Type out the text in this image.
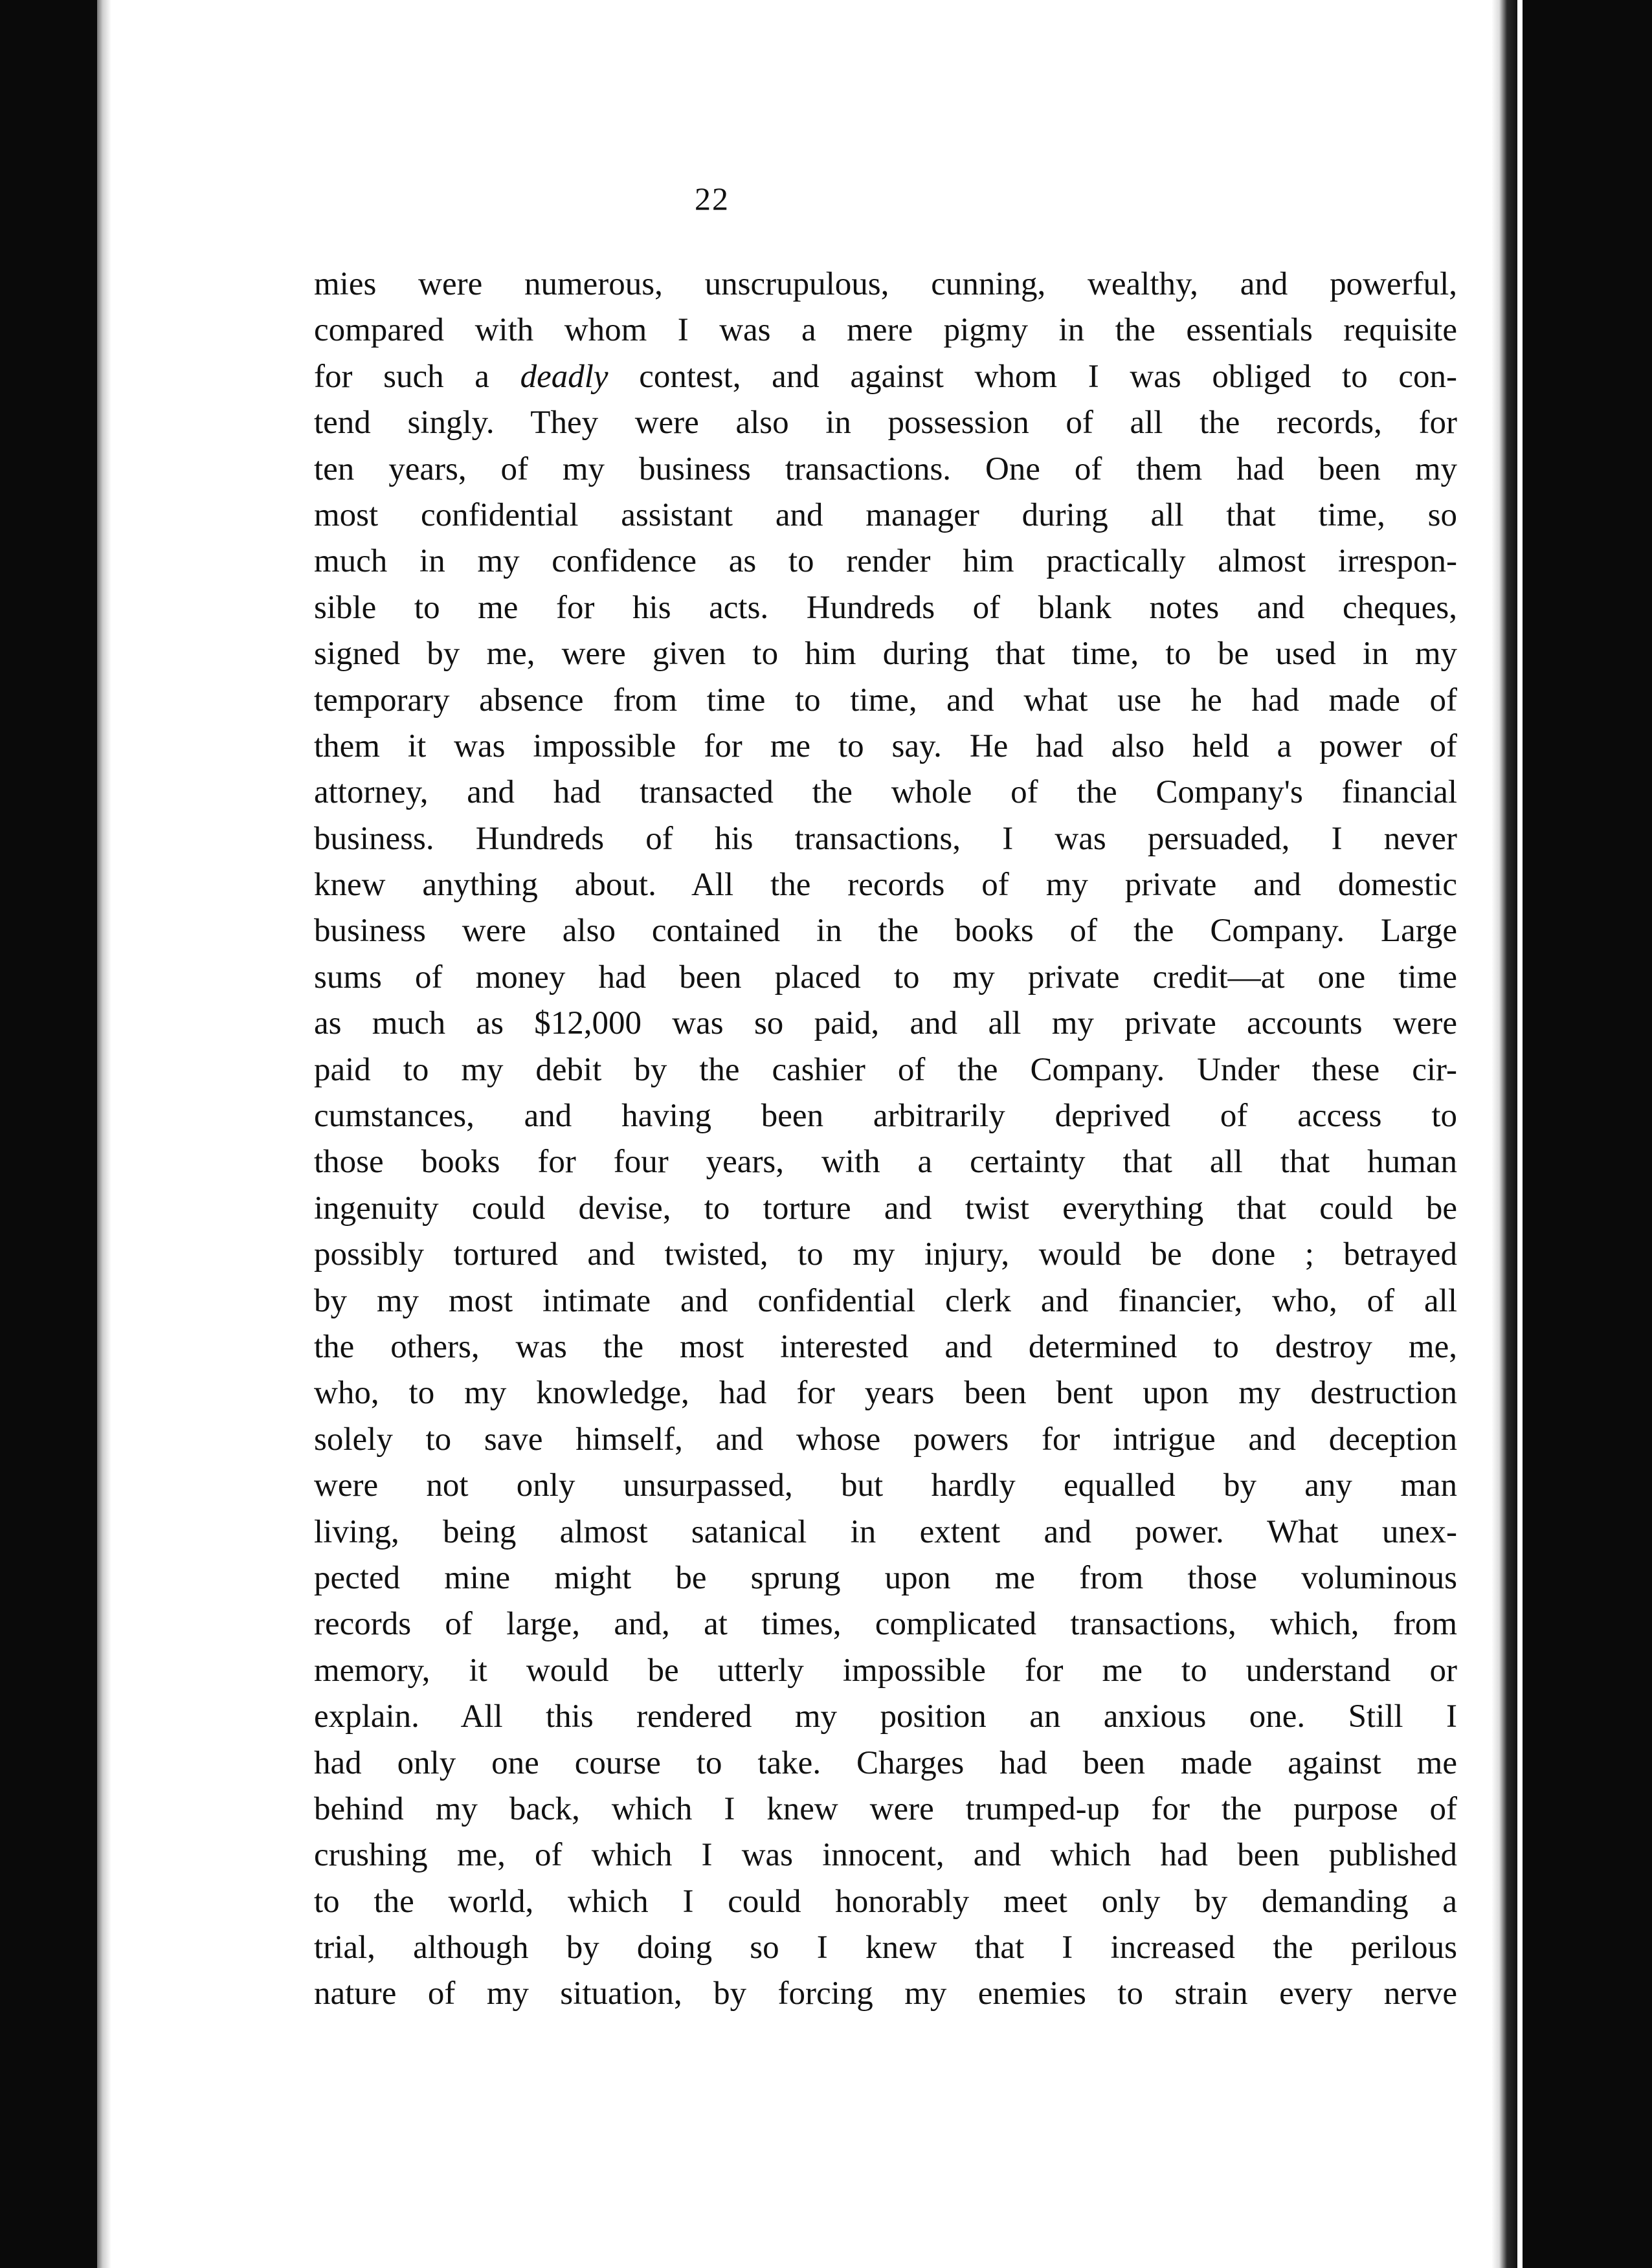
22
mies were numerous, unscrupulous, cunning, wealthy, and powerful,
compared with whom I was a mere pigmy in the essentials requisite
for such a deadly contest, and against whom I was obliged to con-
tend singly. They were also in possession of all the records, for
ten years, of my business transactions. One of them had been my
most confidential assistant and manager during all that time, so
much in my confidence as to render him practically almost irrespon-
sible to me for his acts. Hundreds of blank notes and cheques,
signed by me, were given to him during that time, to be used in my
temporary absence from time to time, and what use he had made of
them it was impossible for me to say. He had also held a power of
attorney, and had transacted the whole of the Company's financial
business. Hundreds of his transactions, I was persuaded, I never
knew anything about. All the records of my private and domestic
business were also contained in the books of the Company. Large
sums of money had been placed to my private credit—at one time
as much as $12,000 was so paid, and all my private accounts were
paid to my debit by the cashier of the Company. Under these cir-
cumstances, and having been arbitrarily deprived of access to
those books for four years, with a certainty that all that human
ingenuity could devise, to torture and twist everything that could be
possibly tortured and twisted, to my injury, would be done ; betrayed
by my most intimate and confidential clerk and financier, who, of all
the others, was the most interested and determined to destroy me,
who, to my knowledge, had for years been bent upon my destruction
solely to save himself, and whose powers for intrigue and deception
were not only unsurpassed, but hardly equalled by any man
living, being almost satanical in extent and power. What unex-
pected mine might be sprung upon me from those voluminous
records of large, and, at times, complicated transactions, which, from
memory, it would be utterly impossible for me to understand or
explain. All this rendered my position an anxious one. Still I
had only one course to take. Charges had been made against me
behind my back, which I knew were trumped-up for the purpose of
crushing me, of which I was innocent, and which had been published
to the world, which I could honorably meet only by demanding a
trial, although by doing so I knew that I increased the perilous
nature of my situation, by forcing my enemies to strain every nerve
